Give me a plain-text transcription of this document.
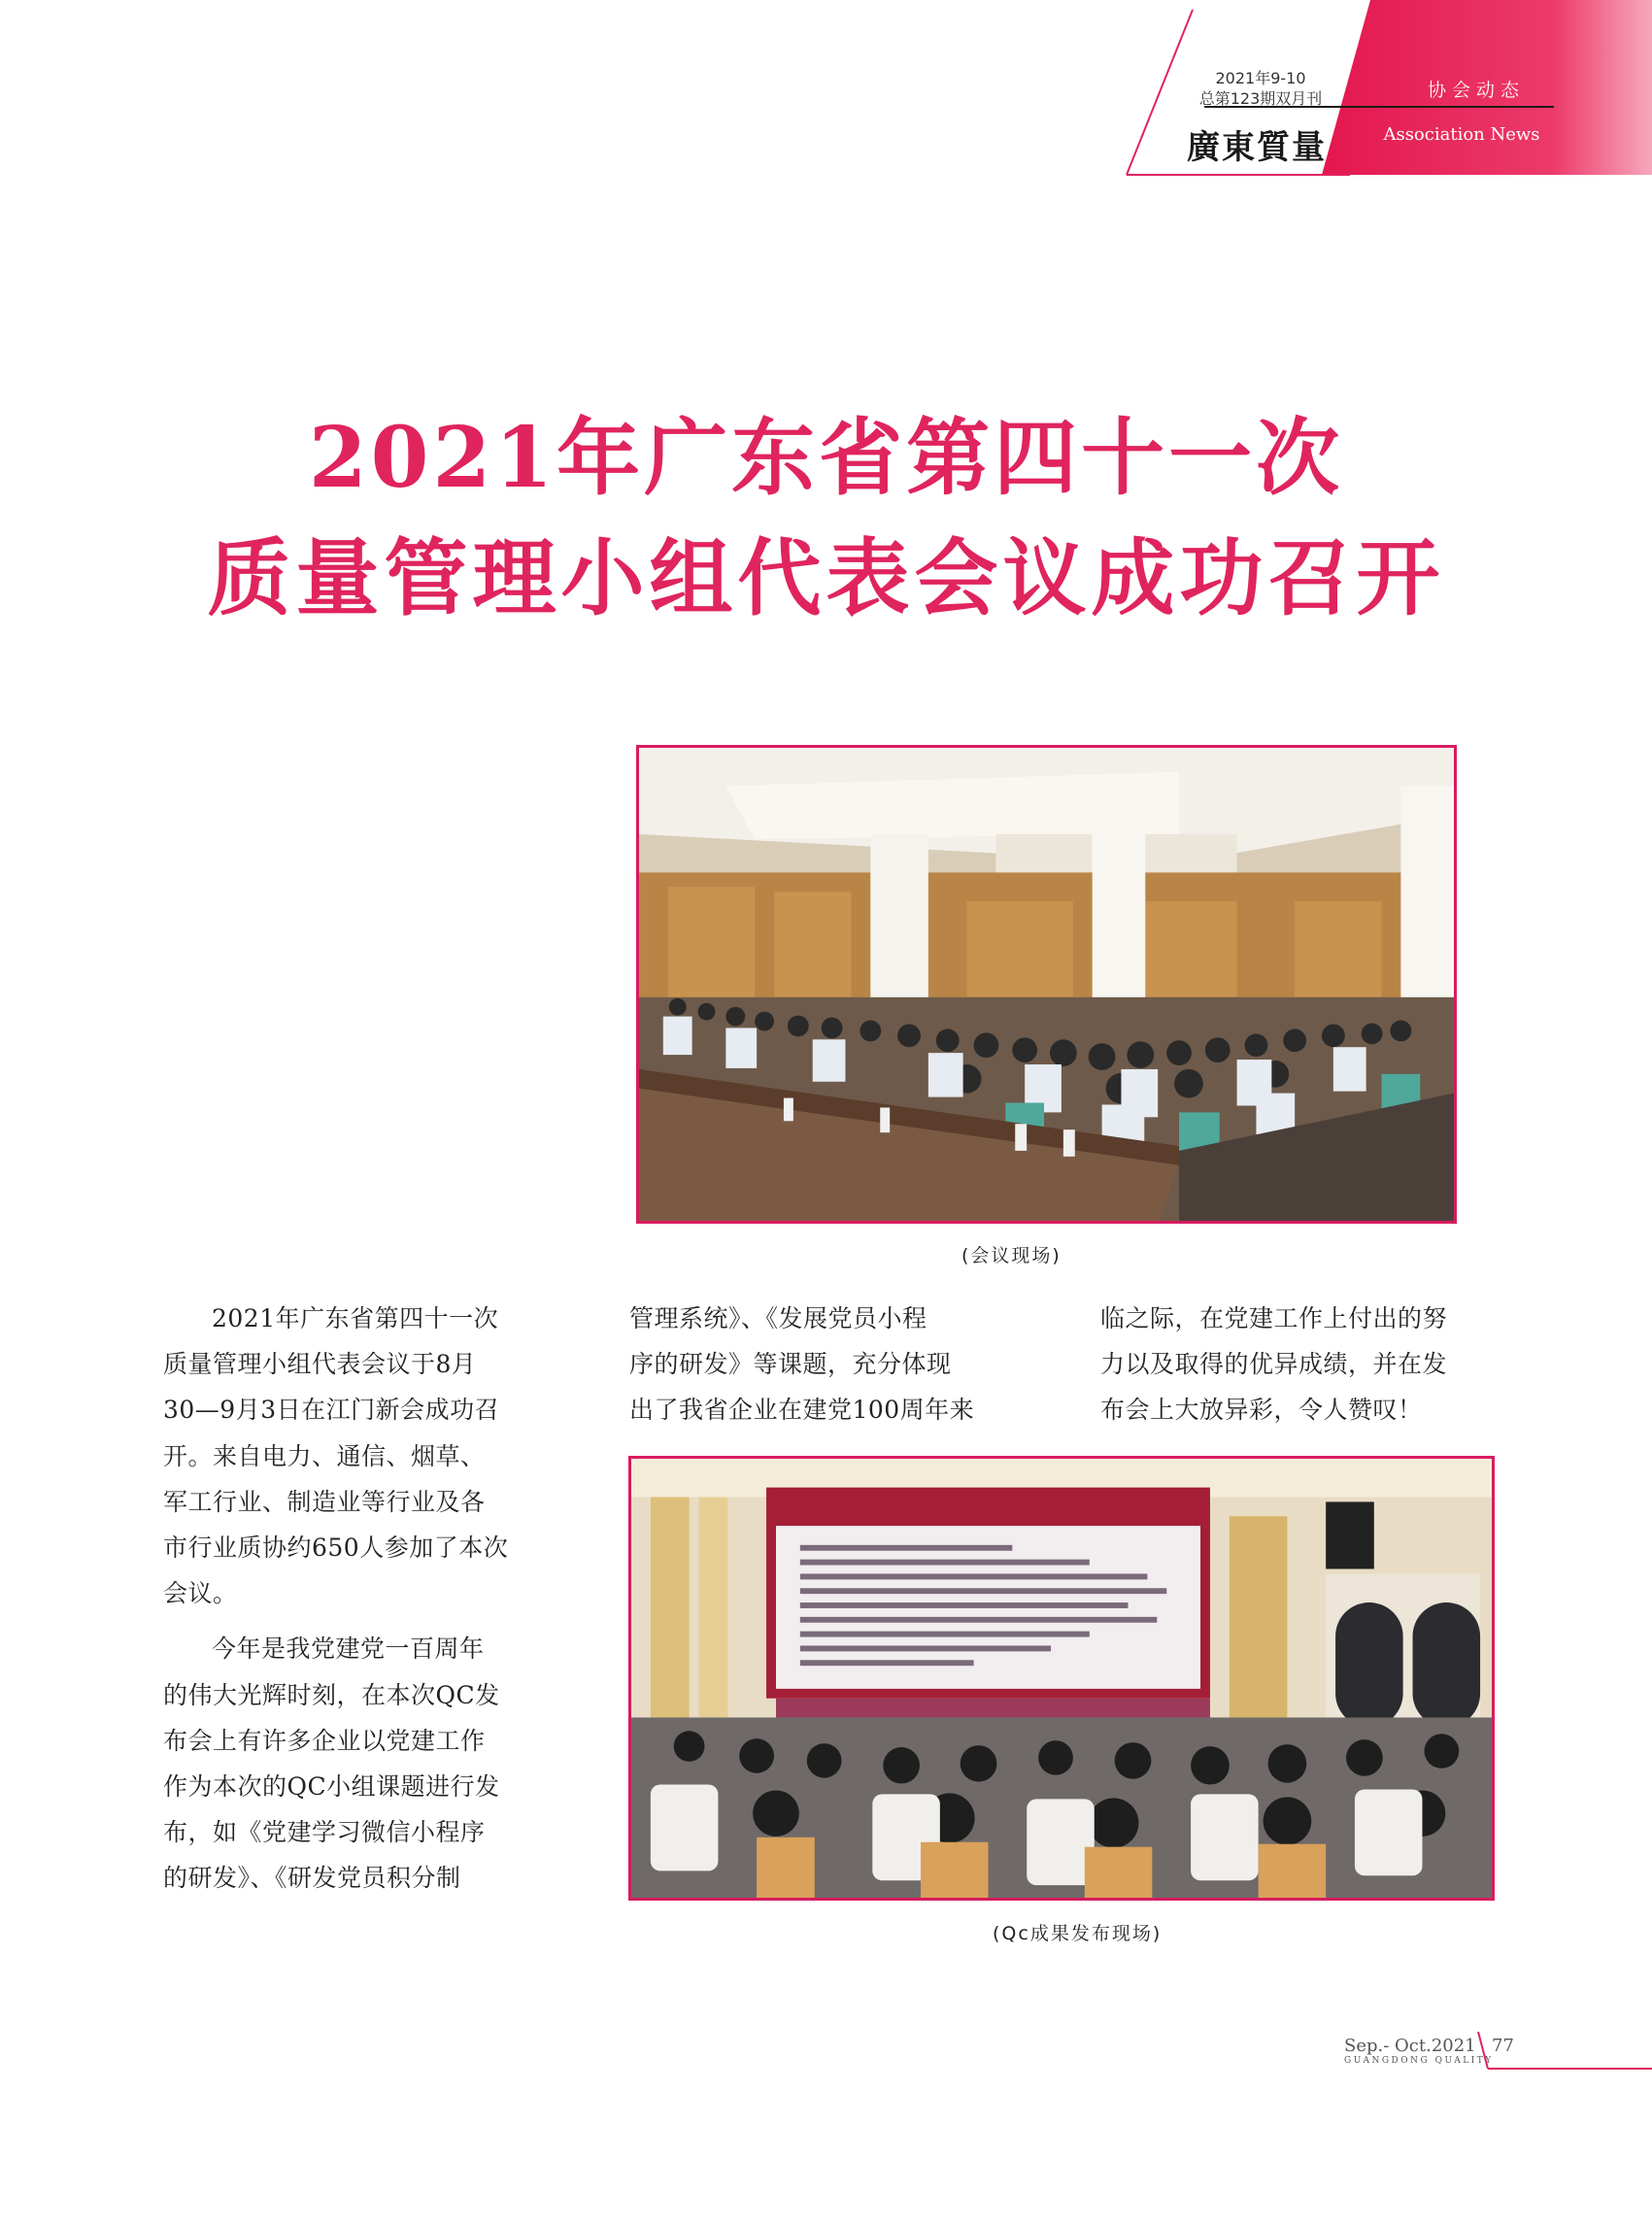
2021年9-10
总第123期双月刊
廣東質量
协会动态
Association News
2021年广东省第四十一次
质量管理小组代表会议成功召开
(会议现场)

2021年广东省第四十一次
质量管理小组代表会议于8月
30—9月3日在江门新会成功召
开。来自电力、通信、烟草、
军工行业、制造业等行业及各
市行业质协约650人参加了本次
会议。

今年是我党建党一百周年
的伟大光辉时刻，在本次QC发
布会上有许多企业以党建工作
作为本次的QC小组课题进行发
布，如《党建学习微信小程序
的研发》、《研发党员积分制

管理系统》、《发展党员小程
序的研发》等课题，充分体现
出了我省企业在建党100周年来
临之际，在党建工作上付出的努
力以及取得的优异成绩，并在发
布会上大放异彩，令人赞叹！
(Qc成果发布现场)
Sep.- Oct.2021
GUANGDONG QUALITY
77
